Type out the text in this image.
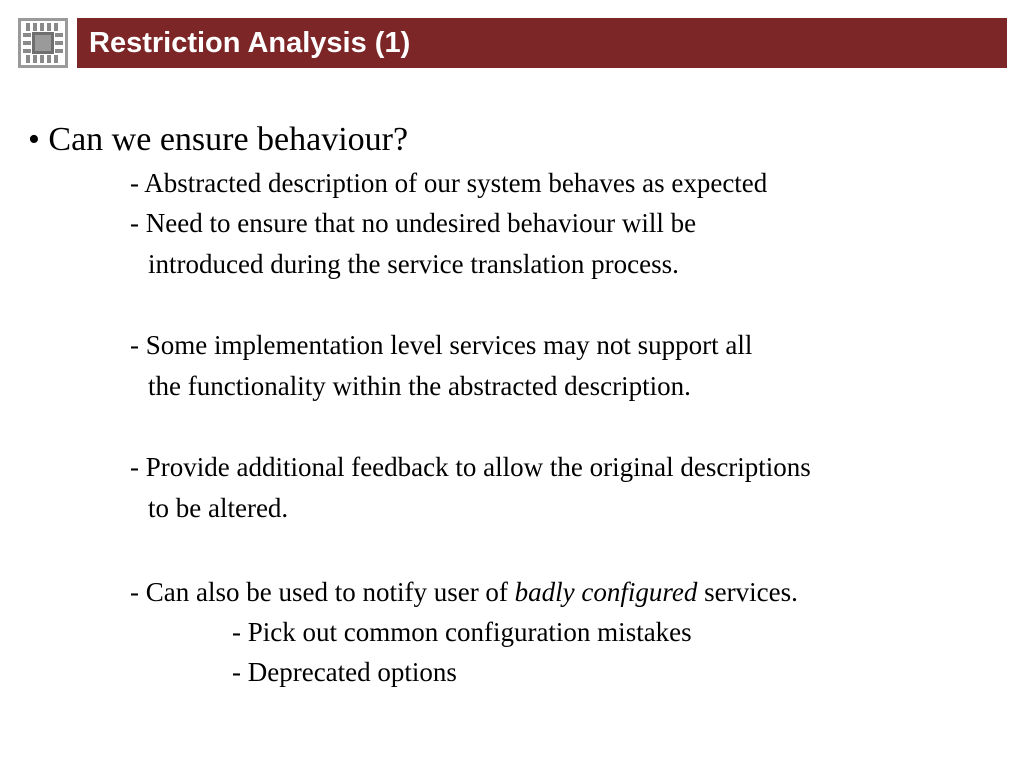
Restriction Analysis (1)
• Can we ensure behaviour?
- Abstracted description of our system behaves as expected
- Need to ensure that no undesired behaviour will be
introduced during the service translation process.
- Some implementation level services may not support all
the functionality within the abstracted description.
- Provide additional feedback to allow the original descriptions
to be altered.
- Can also be used to notify user of badly configured services.
- Pick out common configuration mistakes
- Deprecated options
